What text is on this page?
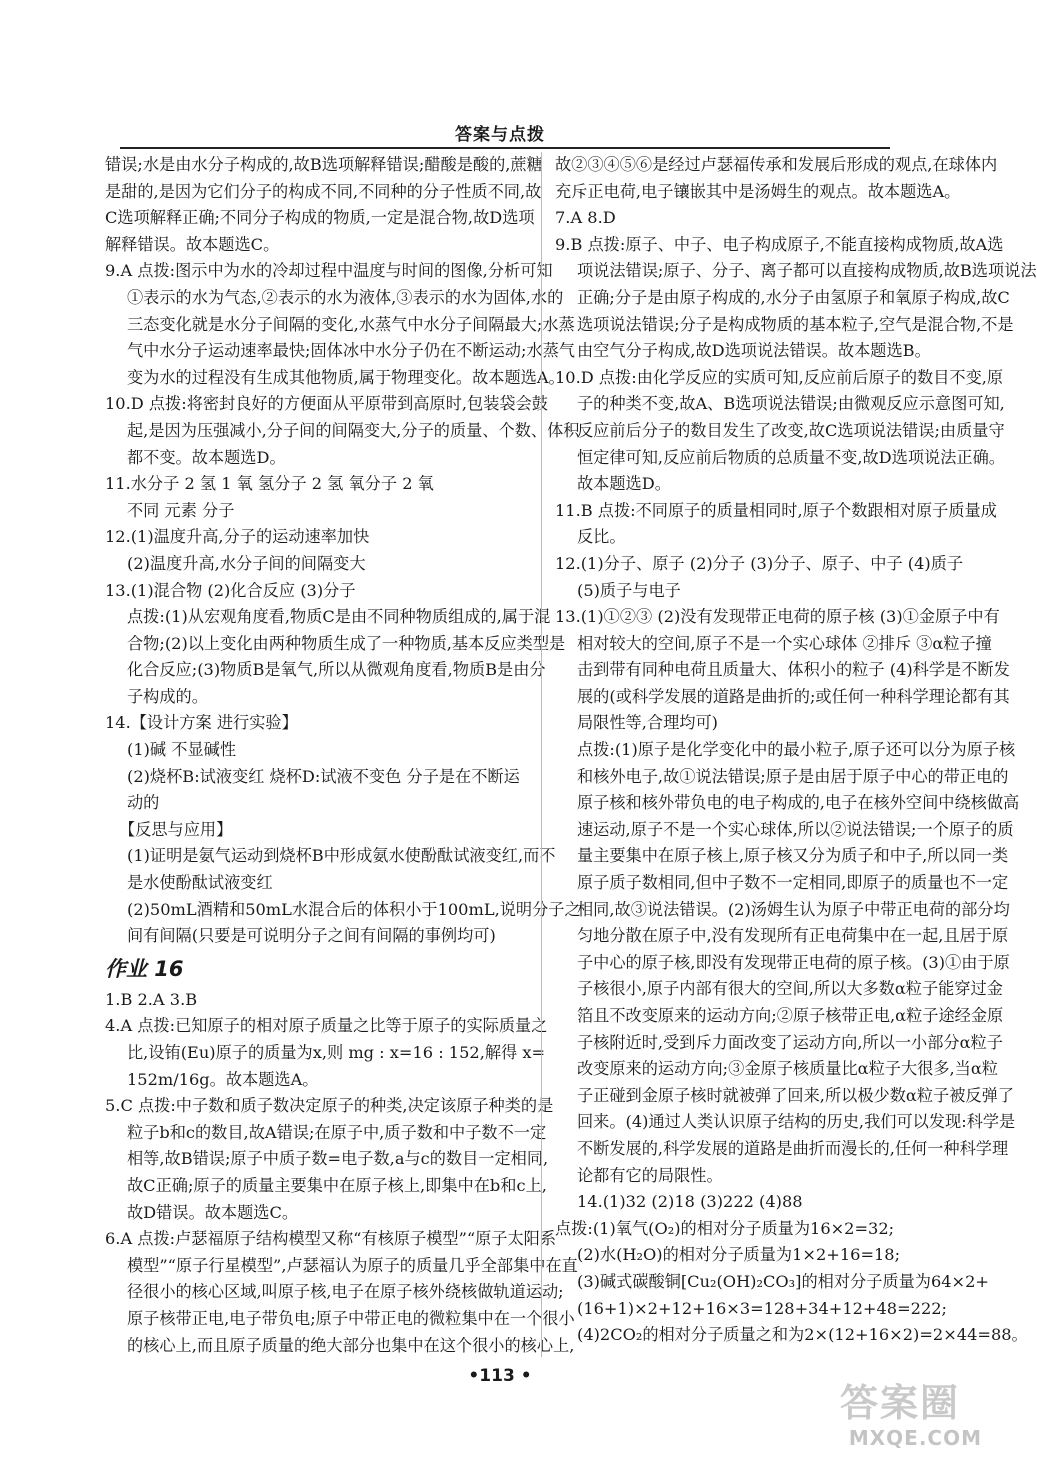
答案与点拨
错误;水是由水分子构成的,故B选项解释错误;醋酸是酸的,蔗糖
是甜的,是因为它们分子的构成不同,不同种的分子性质不同,故
C选项解释正确;不同分子构成的物质,一定是混合物,故D选项
解释错误。故本题选C。
9.A 点拨:图示中为水的冷却过程中温度与时间的图像,分析可知
①表示的水为气态,②表示的水为液体,③表示的水为固体,水的
三态变化就是水分子间隔的变化,水蒸气中水分子间隔最大;水蒸
气中水分子运动速率最快;固体冰中水分子仍在不断运动;水蒸气
变为水的过程没有生成其他物质,属于物理变化。故本题选A。
10.D 点拨:将密封良好的方便面从平原带到高原时,包装袋会鼓
起,是因为压强减小,分子间的间隔变大,分子的质量、个数、体积
都不变。故本题选D。
11.水分子 2 氢 1 氧 氢分子 2 氢 氧分子 2 氧
不同 元素 分子
12.(1)温度升高,分子的运动速率加快
(2)温度升高,水分子间的间隔变大
13.(1)混合物 (2)化合反应 (3)分子
点拨:(1)从宏观角度看,物质C是由不同种物质组成的,属于混
合物;(2)以上变化由两种物质生成了一种物质,基本反应类型是
化合反应;(3)物质B是氧气,所以从微观角度看,物质B是由分
子构成的。
14.【设计方案 进行实验】
(1)碱 不显碱性
(2)烧杯B:试液变红 烧杯D:试液不变色 分子是在不断运
动的
【反思与应用】
(1)证明是氨气运动到烧杯B中形成氨水使酚酞试液变红,而不
是水使酚酞试液变红
(2)50mL酒精和50mL水混合后的体积小于100mL,说明分子之
间有间隔(只要是可说明分子之间有间隔的事例均可)
作业 16
1.B 2.A 3.B
4.A 点拨:已知原子的相对原子质量之比等于原子的实际质量之
比,设铕(Eu)原子的质量为x,则 mg : x=16 : 152,解得 x=
152m/16g。故本题选A。
5.C 点拨:中子数和质子数决定原子的种类,决定该原子种类的是
粒子b和c的数目,故A错误;在原子中,质子数和中子数不一定
相等,故B错误;原子中质子数=电子数,a与c的数目一定相同,
故C正确;原子的质量主要集中在原子核上,即集中在b和c上,
故D错误。故本题选C。
6.A 点拨:卢瑟福原子结构模型又称“有核原子模型”“原子太阳系
模型”“原子行星模型”,卢瑟福认为原子的质量几乎全部集中在直
径很小的核心区域,叫原子核,电子在原子核外绕核做轨道运动;
原子核带正电,电子带负电;原子中带正电的微粒集中在一个很小
的核心上,而且原子质量的绝大部分也集中在这个很小的核心上,
故②③④⑤⑥是经过卢瑟福传承和发展后形成的观点,在球体内
充斥正电荷,电子镶嵌其中是汤姆生的观点。故本题选A。
7.A 8.D
9.B 点拨:原子、中子、电子构成原子,不能直接构成物质,故A选
项说法错误;原子、分子、离子都可以直接构成物质,故B选项说法
正确;分子是由原子构成的,水分子由氢原子和氧原子构成,故C
选项说法错误;分子是构成物质的基本粒子,空气是混合物,不是
由空气分子构成,故D选项说法错误。故本题选B。
10.D 点拨:由化学反应的实质可知,反应前后原子的数目不变,原
子的种类不变,故A、B选项说法错误;由微观反应示意图可知,
反应前后分子的数目发生了改变,故C选项说法错误;由质量守
恒定律可知,反应前后物质的总质量不变,故D选项说法正确。
故本题选D。
11.B 点拨:不同原子的质量相同时,原子个数跟相对原子质量成
反比。
12.(1)分子、原子 (2)分子 (3)分子、原子、中子 (4)质子
(5)质子与电子
13.(1)①②③ (2)没有发现带正电荷的原子核 (3)①金原子中有
相对较大的空间,原子不是一个实心球体 ②排斥 ③α粒子撞
击到带有同种电荷且质量大、体积小的粒子 (4)科学是不断发
展的(或科学发展的道路是曲折的;或任何一种科学理论都有其
局限性等,合理均可)
点拨:(1)原子是化学变化中的最小粒子,原子还可以分为原子核
和核外电子,故①说法错误;原子是由居于原子中心的带正电的
原子核和核外带负电的电子构成的,电子在核外空间中绕核做高
速运动,原子不是一个实心球体,所以②说法错误;一个原子的质
量主要集中在原子核上,原子核又分为质子和中子,所以同一类
原子质子数相同,但中子数不一定相同,即原子的质量也不一定
相同,故③说法错误。(2)汤姆生认为原子中带正电荷的部分均
匀地分散在原子中,没有发现所有正电荷集中在一起,且居于原
子中心的原子核,即没有发现带正电荷的原子核。(3)①由于原
子核很小,原子内部有很大的空间,所以大多数α粒子能穿过金
箔且不改变原来的运动方向;②原子核带正电,α粒子途经金原
子核附近时,受到斥力面改变了运动方向,所以一小部分α粒子
改变原来的运动方向;③金原子核质量比α粒子大很多,当α粒
子正碰到金原子核时就被弹了回来,所以极少数α粒子被反弹了
回来。(4)通过人类认识原子结构的历史,我们可以发现:科学是
不断发展的,科学发展的道路是曲折而漫长的,任何一种科学理
论都有它的局限性。
14.(1)32 (2)18 (3)222 (4)88
点拨:(1)氧气(O₂)的相对分子质量为16×2=32;
(2)水(H₂O)的相对分子质量为1×2+16=18;
(3)碱式碳酸铜[Cu₂(OH)₂CO₃]的相对分子质量为64×2+
(16+1)×2+12+16×3=128+34+12+48=222;
(4)2CO₂的相对分子质量之和为2×(12+16×2)=2×44=88。
•113 •
答案圈
MXQE.COM
